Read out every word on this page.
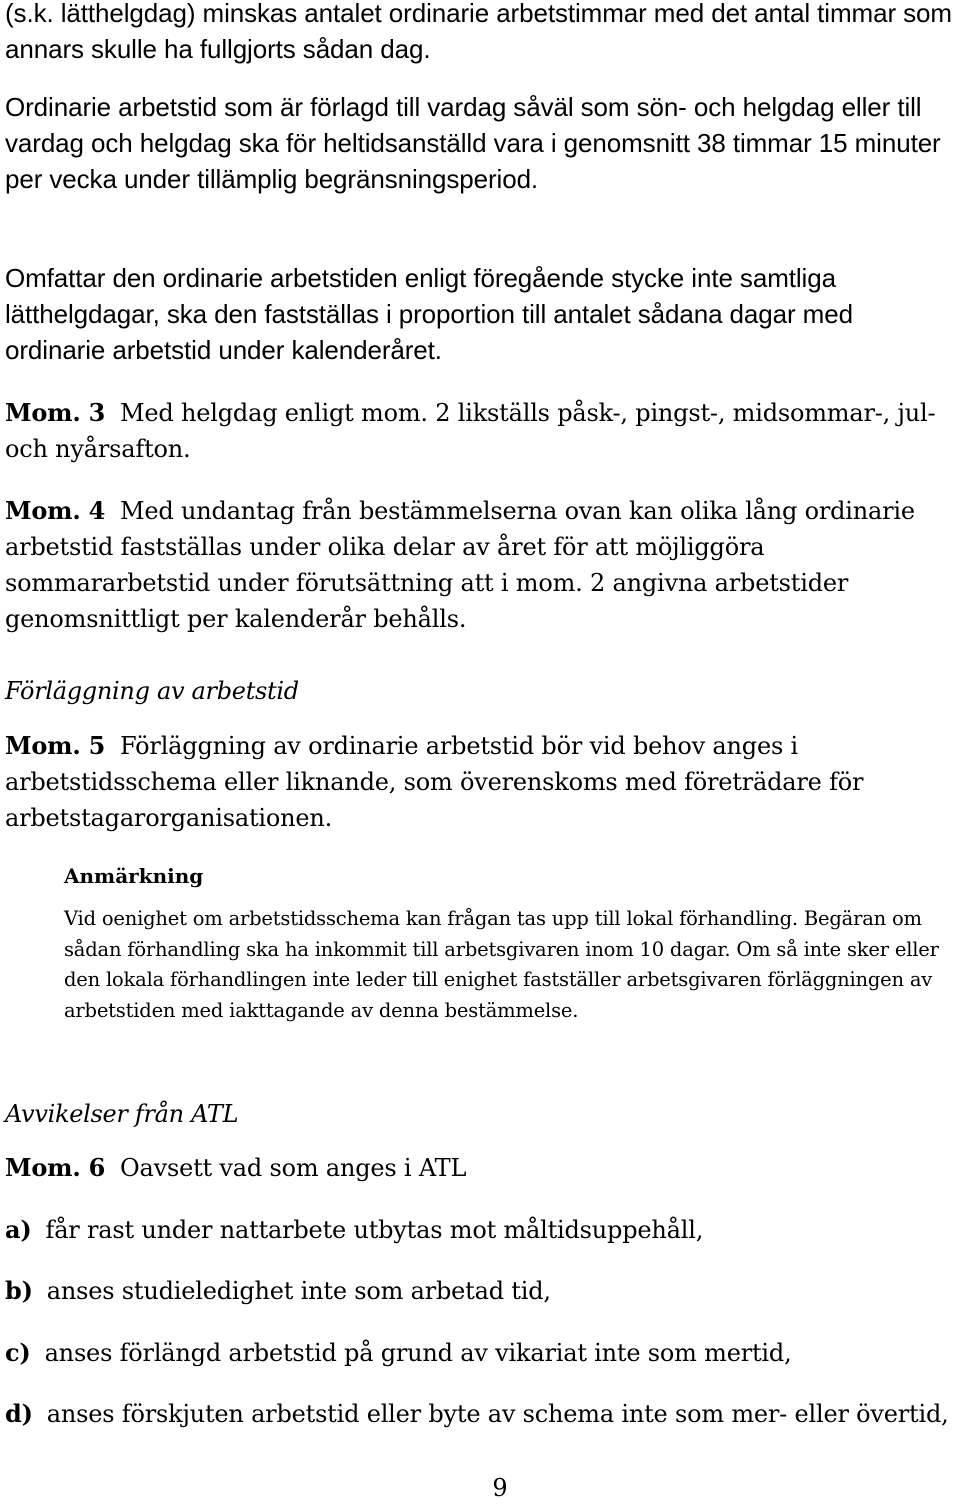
(s.k. lätthelgdag) minskas antalet ordinarie arbetstimmar med det antal timmar som annars skulle ha fullgjorts sådan dag.

Ordinarie arbetstid som är förlagd till vardag såväl som sön- och helgdag eller till vardag och helgdag ska för heltidsanställd vara i genomsnitt 38 timmar 15 minuter per vecka under tillämplig begränsningsperiod.

Omfattar den ordinarie arbetstiden enligt föregående stycke inte samtliga lätthelgdagar, ska den fastställas i proportion till antalet sådana dagar med ordinarie arbetstid under kalenderåret.

Mom. 3 Med helgdag enligt mom. 2 likställs påsk-, pingst-, midsommar-, jul- och nyårsafton.

Mom. 4 Med undantag från bestämmelserna ovan kan olika lång ordinarie arbetstid fastställas under olika delar av året för att möjliggöra sommararbetstid under förutsättning att i mom. 2 angivna arbetstider genomsnittligt per kalenderår behålls.

Förläggning av arbetstid

Mom. 5 Förläggning av ordinarie arbetstid bör vid behov anges i arbetstidsschema eller liknande, som överenskoms med företrädare för arbetstagarorganisationen.

Anmärkning

Vid oenighet om arbetstidsschema kan frågan tas upp till lokal förhandling. Begäran om sådan förhandling ska ha inkommit till arbetsgivaren inom 10 dagar. Om så inte sker eller den lokala förhandlingen inte leder till enighet fastställer arbetsgivaren förläggningen av arbetstiden med iakttagande av denna bestämmelse.

Avvikelser från ATL

Mom. 6 Oavsett vad som anges i ATL

a) får rast under nattarbete utbytas mot måltidsuppehåll,

b) anses studieledighet inte som arbetad tid,

c) anses förlängd arbetstid på grund av vikariat inte som mertid,

d) anses förskjuten arbetstid eller byte av schema inte som mer- eller övertid,

9
